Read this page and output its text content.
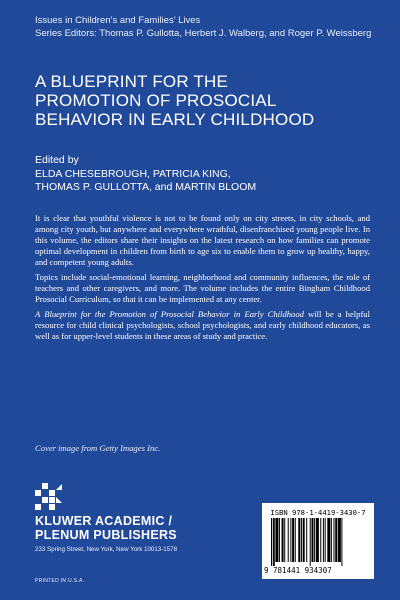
Issues in Children’s and Families’ Lives
Series Editors: Thomas P. Gullotta, Herbert J. Walberg, and Roger P. Weissberg
A BLUEPRINT FOR THE
PROMOTION OF PROSOCIAL
BEHAVIOR IN EARLY CHILDHOOD
Edited by
ELDA CHESEBROUGH, PATRICIA KING,
THOMAS P. GULLOTTA, and MARTIN BLOOM

It is clear that youthful violence is not to be found only on city streets, in city schools, and among city youth, but anywhere and everywhere wrathful, disenfranchised young people live. In this volume, the editors share their insights on the latest research on how families can promote optimal development in children from birth to age six to enable them to grow up healthy, happy, and competent young adults.

Topics include social-emotional learning, neighborhood and community influences, the role of teachers and other caregivers, and more. The volume includes the entire Bingham Childhood Prosocial Curriculum, so that it can be implemented at any center.

A Blueprint for the Promotion of Prosocial Behavior in Early Childhood will be a helpful resource for child clinical psychologists, school psychologists, and early childhood educators, as well as for upper-level students in these areas of study and practice.

Cover image from Getty Images Inc.
KLUWER ACADEMIC /
PLENUM PUBLISHERS
233 Spring Street, New York, New York 10013-1578
PRINTED IN U.S.A.
ISBN 978-1-4419-3430-7
9 781441 934307
